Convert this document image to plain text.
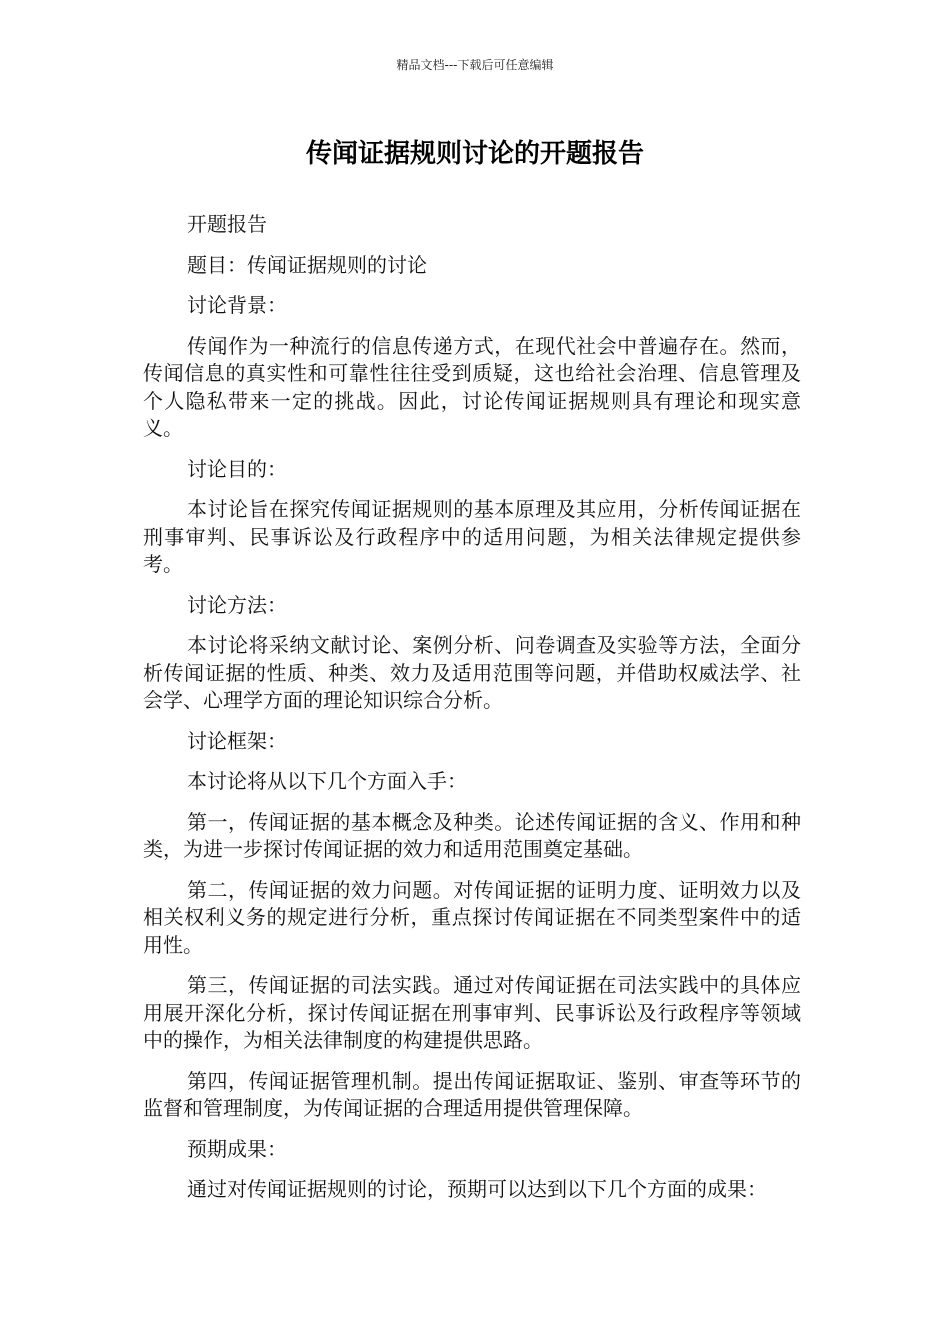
精品文档---下载后可任意编辑
传闻证据规则讨论的开题报告

开题报告

题目：传闻证据规则的讨论

讨论背景：

传闻作为一种流行的信息传递方式，在现代社会中普遍存在。然而，传闻信息的真实性和可靠性往往受到质疑，这也给社会治理、信息管理及个人隐私带来一定的挑战。因此，讨论传闻证据规则具有理论和现实意义。

讨论目的：

本讨论旨在探究传闻证据规则的基本原理及其应用，分析传闻证据在刑事审判、民事诉讼及行政程序中的适用问题，为相关法律规定提供参考。

讨论方法：

本讨论将采纳文献讨论、案例分析、问卷调查及实验等方法，全面分析传闻证据的性质、种类、效力及适用范围等问题，并借助权威法学、社会学、心理学方面的理论知识综合分析。

讨论框架：

本讨论将从以下几个方面入手：

第一，传闻证据的基本概念及种类。论述传闻证据的含义、作用和种类，为进一步探讨传闻证据的效力和适用范围奠定基础。

第二，传闻证据的效力问题。对传闻证据的证明力度、证明效力以及相关权利义务的规定进行分析，重点探讨传闻证据在不同类型案件中的适用性。

第三，传闻证据的司法实践。通过对传闻证据在司法实践中的具体应用展开深化分析，探讨传闻证据在刑事审判、民事诉讼及行政程序等领域中的操作，为相关法律制度的构建提供思路。

第四，传闻证据管理机制。提出传闻证据取证、鉴别、审查等环节的监督和管理制度，为传闻证据的合理适用提供管理保障。

预期成果：

通过对传闻证据规则的讨论，预期可以达到以下几个方面的成果：
